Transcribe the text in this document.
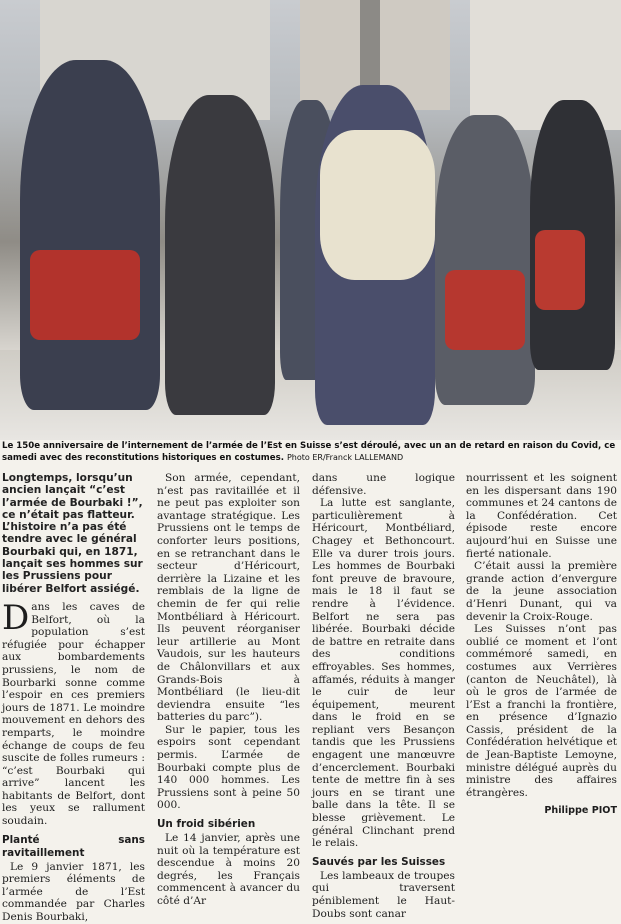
Le 150e anniversaire de l’internement de l’armée de l’Est en Suisse s’est déroulé, avec un an de retard en raison du Covid, ce samedi avec des reconstitutions historiques en costumes. Photo ER/Franck LALLEMAND
Longtemps, lorsqu’un ancien lançait “c’est l’armée de Bourbaki !”, ce n’était pas flatteur. L’histoire n’a pas été tendre avec le général Bourbaki qui, en 1871, lançait ses hommes sur les Prussiens pour libérer Belfort assiégé.

Dans les caves de Belfort, où la population s’est réfugiée pour échapper aux bombardements prussiens, le nom de Bourbarki sonne comme l’espoir en ces premiers jours de 1871. Le moindre mouvement en dehors des remparts, le moindre échange de coups de feu suscite de folles rumeurs : “c’est Bourbaki qui arrive” lancent les habitants de Belfort, dont les yeux se rallument soudain.

Planté sans ravitaillement

Le 9 janvier 1871, les premiers éléments de l’armée de l’Est commandée par Charles Denis Bourbaki,

Son armée, cependant, n’est pas ravitaillée et il ne peut pas exploiter son avantage stratégique. Les Prussiens ont le temps de conforter leurs positions, en se retranchant dans le secteur d’Héricourt, derrière la Lizaine et les remblais de la ligne de chemin de fer qui relie Montbéliard à Héricourt. Ils peuvent réorganiser leur artillerie au Mont Vaudois, sur les hauteurs de Châlonvillars et aux Grands-Bois à Montbéliard (le lieu-dit deviendra ensuite “les batteries du parc”).

Sur le papier, tous les espoirs sont cependant permis. L’armée de Bourbaki compte plus de 140 000 hommes. Les Prussiens sont à peine 50 000.

Un froid sibérien

Le 14 janvier, après une nuit où la température est descendue à moins 20 degrés, les Français commencent à avancer du côté d’Ar

dans une logique défensive.

La lutte est sanglante, particulièrement à Héricourt, Montbéliard, Chagey et Bethoncourt. Elle va durer trois jours. Les hommes de Bourbaki font preuve de bravoure, mais le 18 il faut se rendre à l’évidence. Belfort ne sera pas libérée. Bourbaki décide de battre en retraite dans des conditions effroyables. Ses hommes, affamés, réduits à manger le cuir de leur équipement, meurent dans le froid en se repliant vers Besançon tandis que les Prussiens engagent une manœuvre d’encerclement. Bourbaki tente de mettre fin à ses jours en se tirant une balle dans la tête. Il se blesse grièvement. Le général Clinchant prend le relais.

Sauvés par les Suisses

Les lambeaux de troupes qui traversent péniblement le Haut-Doubs sont canar

nourrissent et les soignent en les dispersant dans 190 communes et 24 cantons de la Confédération. Cet épisode reste encore aujourd’hui en Suisse une fierté nationale.

C’était aussi la première grande action d’envergure de la jeune association d’Henri Dunant, qui va devenir la Croix-Rouge.

Les Suisses n’ont pas oublié ce moment et l’ont commémoré samedi, en costumes aux Verrières (canton de Neuchâtel), là où le gros de l’armée de l’Est a franchi la frontière, en présence d’Ignazio Cassis, président de la Confédération helvétique et de Jean-Baptiste Lemoyne, ministre délégué auprès du ministre des affaires étrangères.

Philippe PIOT
